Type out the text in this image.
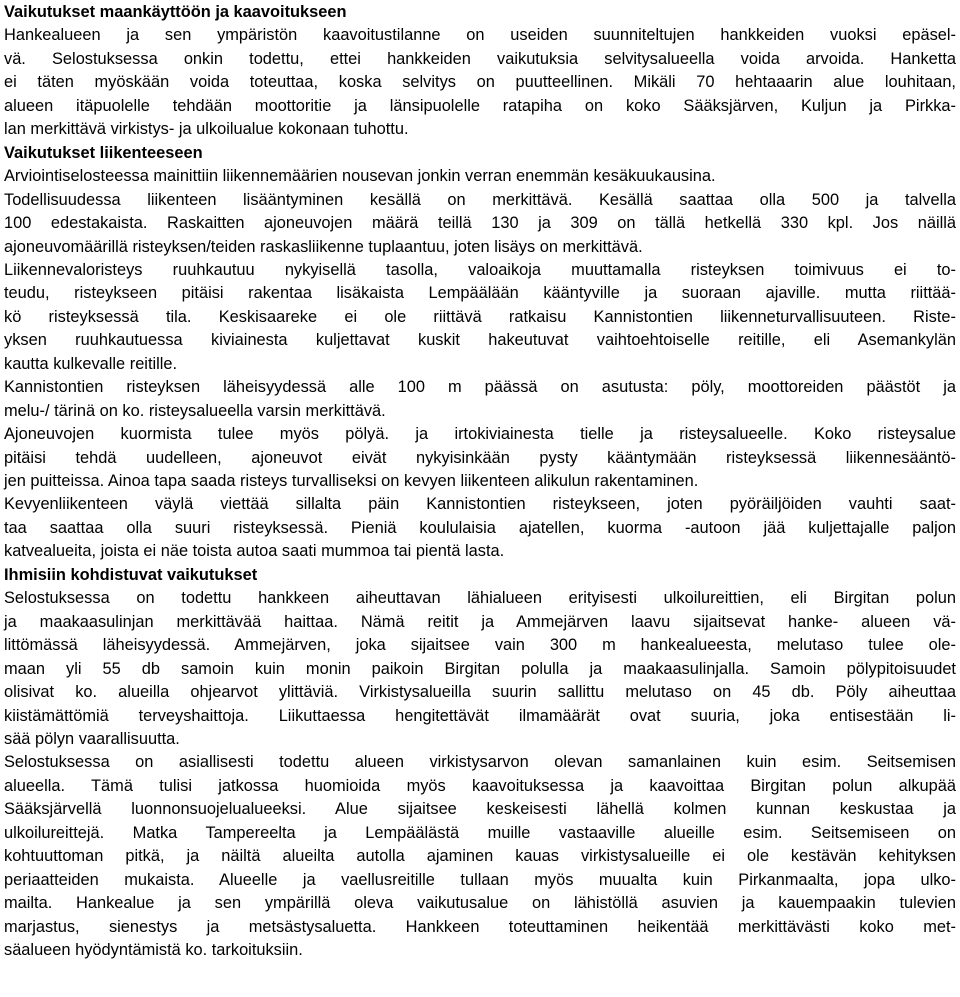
Vaikutukset maankäyttöön ja kaavoitukseen

Hankealueen ja sen ympäristön kaavoitustilanne on useiden suunniteltujen hankkeiden vuoksi epäsel-

vä. Selostuksessa onkin todettu, ettei hankkeiden vaikutuksia selvitysalueella voida arvoida. Hanketta

ei täten myöskään voida toteuttaa, koska selvitys on puutteellinen. Mikäli 70 hehtaaarin alue louhitaan,

alueen itäpuolelle tehdään moottoritie ja länsipuolelle ratapiha on koko Sääksjärven, Kuljun ja Pirkka-

lan merkittävä virkistys- ja ulkoilualue kokonaan tuhottu.

Vaikutukset liikenteeseen

Arviointiselosteessa mainittiin liikennemäärien nousevan jonkin verran enemmän kesäkuukausina.

Todellisuudessa liikenteen lisääntyminen kesällä on merkittävä. Kesällä saattaa olla 500 ja talvella

100 edestakaista. Raskaitten ajoneuvojen määrä teillä 130 ja 309 on tällä hetkellä 330 kpl. Jos näillä

ajoneuvomäärillä risteyksen/teiden raskasliikenne tuplaantuu, joten lisäys on merkittävä.

Liikennevaloristeys ruuhkautuu nykyisellä tasolla, valoaikoja muuttamalla risteyksen toimivuus ei to-

teudu, risteykseen pitäisi rakentaa lisäkaista Lempäälään kääntyville ja suoraan ajaville. mutta riittää-

kö risteyksessä tila. Keskisaareke ei ole riittävä ratkaisu Kannistontien liikenneturvallisuuteen. Riste-

yksen ruuhkautuessa kiviainesta kuljettavat kuskit hakeutuvat vaihtoehtoiselle reitille, eli Asemankylän

kautta kulkevalle reitille.

Kannistontien risteyksen läheisyydessä alle 100 m päässä on asutusta: pöly, moottoreiden päästöt ja

melu-/ tärinä on ko. risteysalueella varsin merkittävä.

Ajoneuvojen kuormista tulee myös pölyä. ja irtokiviainesta tielle ja risteysalueelle. Koko risteysalue

pitäisi tehdä uudelleen, ajoneuvot eivät nykyisinkään pysty kääntymään risteyksessä liikennesääntö-

jen puitteissa. Ainoa tapa saada risteys turvalliseksi on kevyen liikenteen alikulun rakentaminen.

Kevyenliikenteen väylä viettää sillalta päin Kannistontien risteykseen, joten pyöräiljöiden vauhti saat-

taa saattaa olla suuri risteyksessä. Pieniä koululaisia ajatellen, kuorma -autoon jää kuljettajalle paljon

katvealueita, joista ei näe toista autoa saati mummoa tai pientä lasta.

Ihmisiin kohdistuvat vaikutukset

Selostuksessa on todettu hankkeen aiheuttavan lähialueen erityisesti ulkoilureittien, eli Birgitan polun

ja maakaasulinjan merkittävää haittaa. Nämä reitit ja Ammejärven laavu sijaitsevat hanke- alueen vä-

littömässä läheisyydessä. Ammejärven, joka sijaitsee vain 300 m hankealueesta, melutaso tulee ole-

maan yli 55 db samoin kuin monin paikoin Birgitan polulla ja maakaasulinjalla. Samoin pölypitoisuudet

olisivat ko. alueilla ohjearvot ylittäviä. Virkistysalueilla suurin sallittu melutaso on 45 db. Pöly aiheuttaa

kiistämättömiä terveyshaittoja. Liikuttaessa hengitettävät ilmamäärät ovat suuria, joka entisestään li-

sää pölyn vaarallisuutta.

Selostuksessa on asiallisesti todettu alueen virkistysarvon olevan samanlainen kuin esim. Seitsemisen

alueella. Tämä tulisi jatkossa huomioida myös kaavoituksessa ja kaavoittaa Birgitan polun alkupää

Sääksjärvellä luonnonsuojelualueeksi. Alue sijaitsee keskeisesti lähellä kolmen kunnan keskustaa ja

ulkoilureittejä. Matka Tampereelta ja Lempäälästä muille vastaaville alueille esim. Seitsemiseen on

kohtuuttoman pitkä, ja näiltä alueilta autolla ajaminen kauas virkistysalueille ei ole kestävän kehityksen

periaatteiden mukaista. Alueelle ja vaellusreitille tullaan myös muualta kuin Pirkanmaalta, jopa ulko-

mailta. Hankealue ja sen ympärillä oleva vaikutusalue on lähistöllä asuvien ja kauempaakin tulevien

marjastus, sienestys ja metsästysaluetta. Hankkeen toteuttaminen heikentää merkittävästi koko met-

säalueen hyödyntämistä ko. tarkoituksiin.
